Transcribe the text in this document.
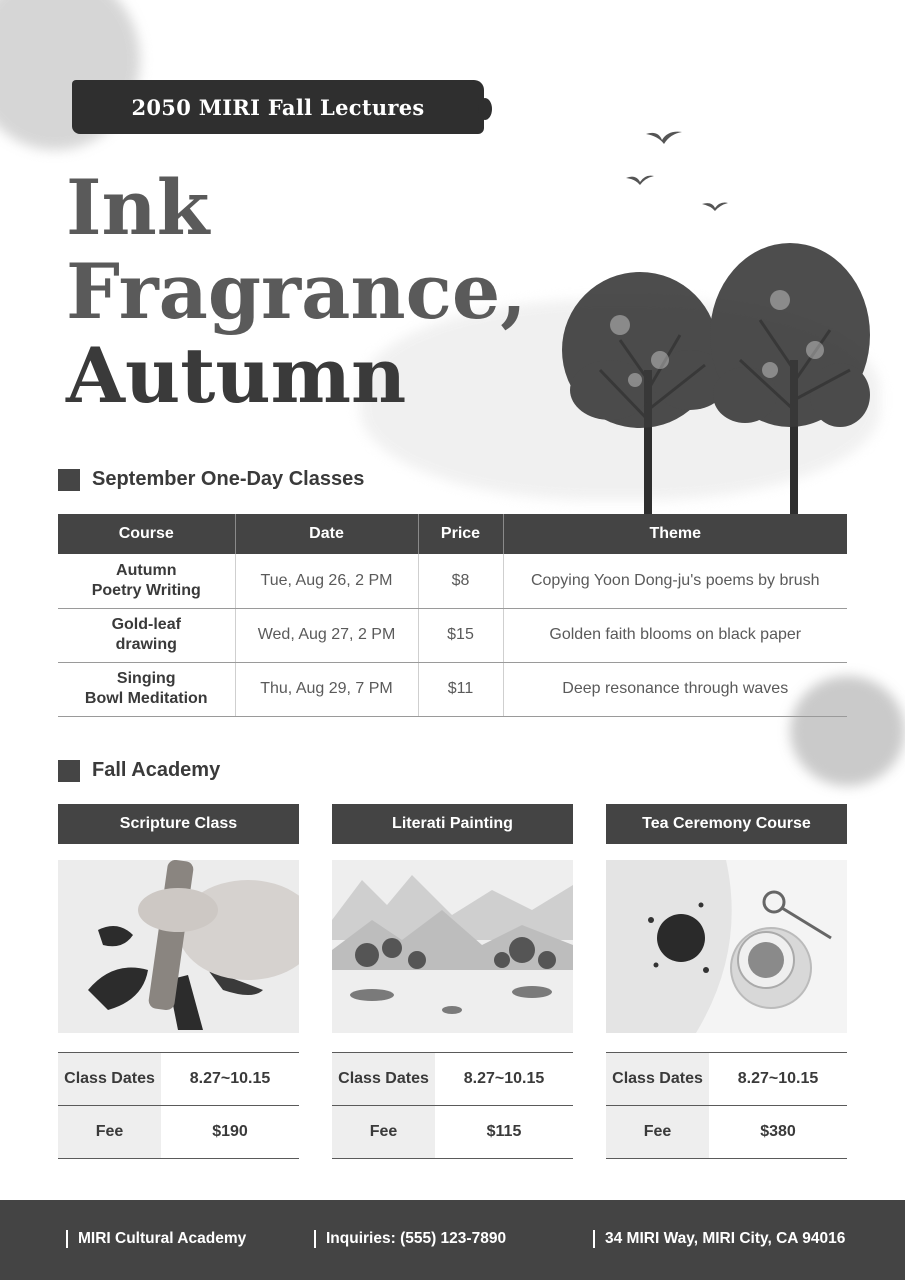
2050 MIRI Fall Lectures
Ink
Fragrance,
Autumn
September One-Day Classes
Course	Date	Price	Theme

Autumn
Poetry Writing	Tue, Aug 26, 2 PM	$8	Copying Yoon Dong-ju's poems by brush

Gold-leaf
drawing	Wed, Aug 27, 2 PM	$15	Golden faith blooms on black paper

Singing
Bowl Meditation	Thu, Aug 29, 7 PM	$11	Deep resonance through waves
Fall Academy
Scripture Class
Class Dates	8.27~10.15
Fee	$190
Literati Painting
Class Dates	8.27~10.15
Fee	$115
Tea Ceremony Course
Class Dates	8.27~10.15
Fee	$380
MIRI Cultural Academy	Inquiries: (555) 123-7890	34 MIRI Way, MIRI City, CA 94016
